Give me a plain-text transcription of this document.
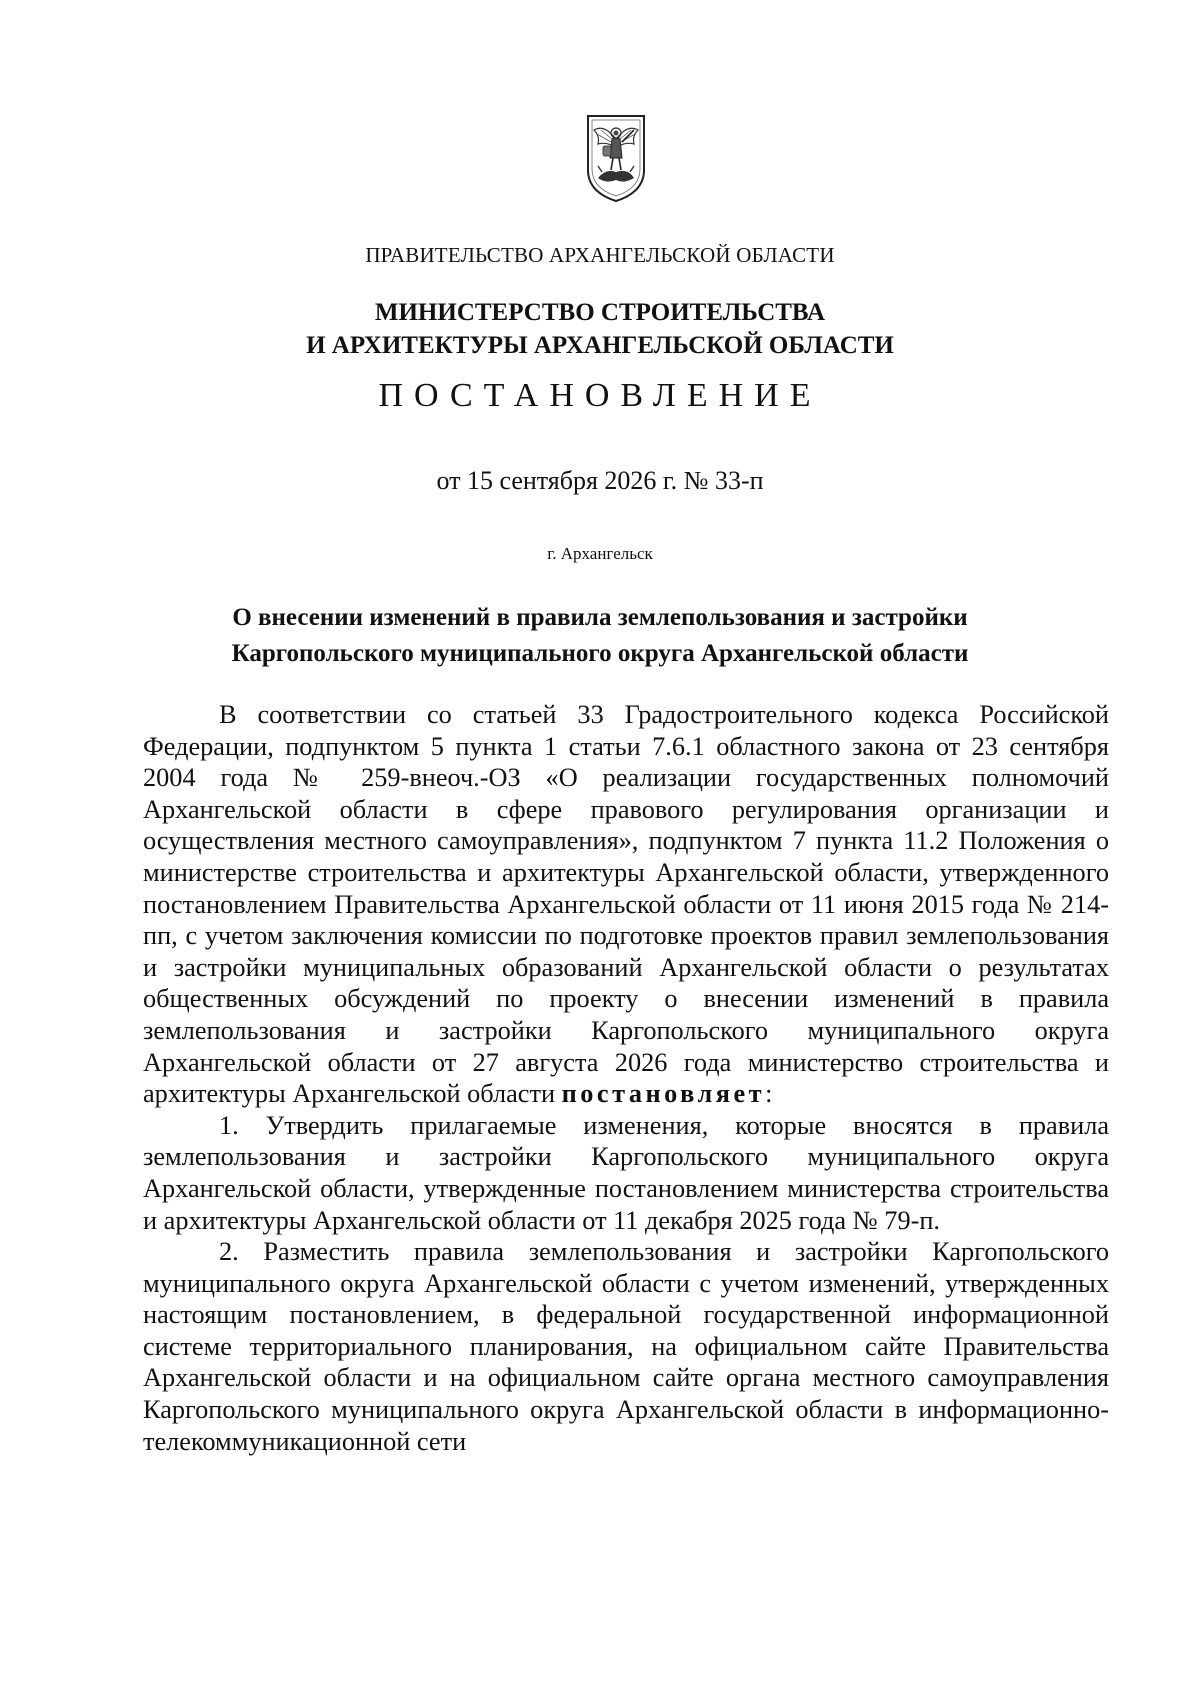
ПРАВИТЕЛЬСТВО АРХАНГЕЛЬСКОЙ ОБЛАСТИ
МИНИСТЕРСТВО СТРОИТЕЛЬСТВА
И АРХИТЕКТУРЫ АРХАНГЕЛЬСКОЙ ОБЛАСТИ
ПОСТАНОВЛЕНИЕ
от 15 сентября 2026 г. № 33-п
г. Архангельск
О внесении изменений в правила землепользования и застройки
Каргопольского муниципального округа Архангельской области

В соответствии со статьей 33 Градостроительного кодекса Российской Федерации, подпунктом 5 пункта 1 статьи 7.6.1 областного закона от 23 сентября 2004 года № 259-внеоч.-ОЗ «О реализации государственных полномочий Архангельской области в сфере правового регулирования организации и осуществления местного самоуправления», подпунктом 7 пункта 11.2 Положения о министерстве строительства и архитектуры Архангельской области, утвержденного постановлением Правительства Архангельской области от 11 июня 2015 года № 214-пп, с учетом заключения комиссии по подготовке проектов правил землепользования и застройки муниципальных образований Архангельской области о результатах общественных обсуждений по проекту о внесении изменений в правила землепользования и застройки Каргопольского муниципального округа Архангельской области от 27 августа 2026 года министерство строительства и архитектуры Архангельской области постановляет:

1. Утвердить прилагаемые изменения, которые вносятся в правила землепользования и застройки Каргопольского муниципального округа Архангельской области, утвержденные постановлением министерства строительства и архитектуры Архангельской области от 11 декабря 2025 года № 79-п.

2. Разместить правила землепользования и застройки Каргопольского муниципального округа Архангельской области с учетом изменений, утвержденных настоящим постановлением, в федеральной государственной информационной системе территориального планирования, на официальном сайте Правительства Архангельской области и на официальном сайте органа местного самоуправления Каргопольского муниципального округа Архангельской области в информационно-телекоммуникационной сети
